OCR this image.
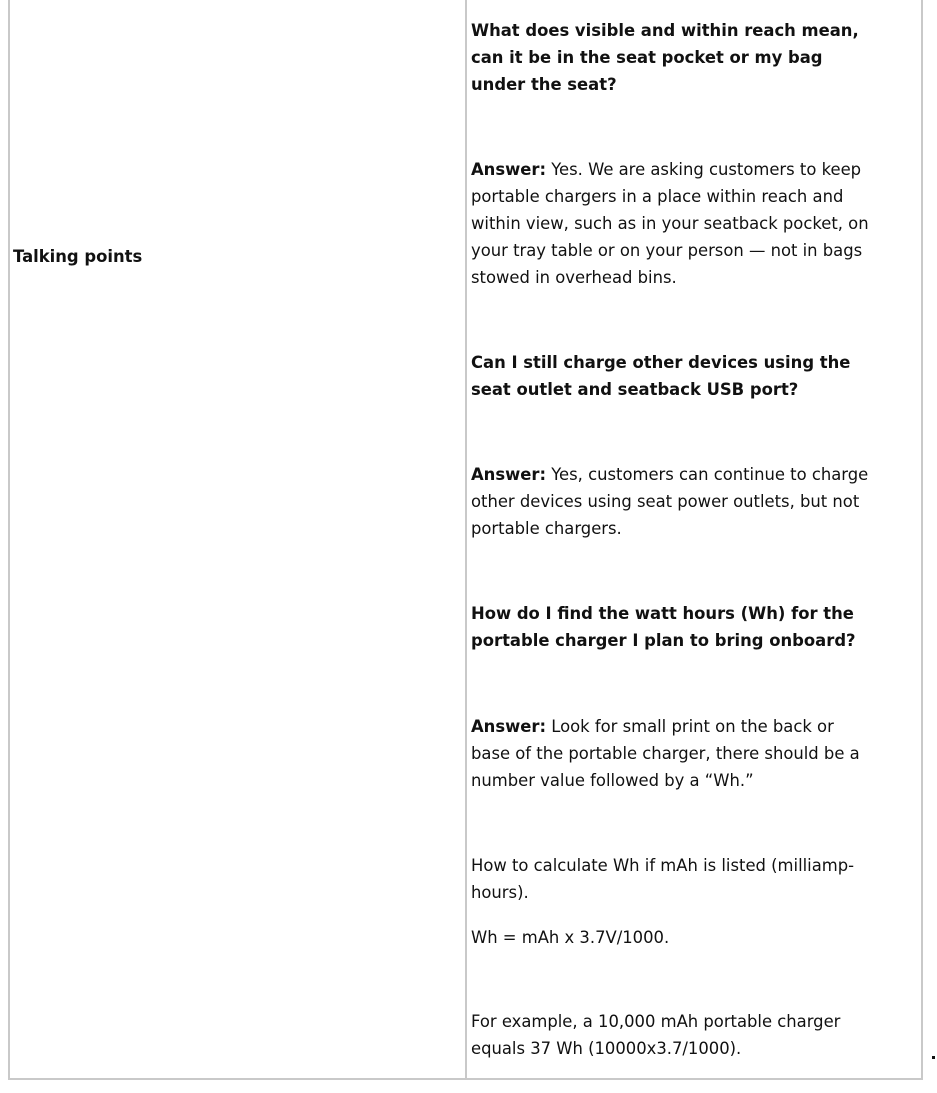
Talking points
What does visible and within reach mean,
can it be in the seat pocket or my bag
under the seat?
Answer: Yes. We are asking customers to keep
portable chargers in a place within reach and
within view, such as in your seatback pocket, on
your tray table or on your person — not in bags
stowed in overhead bins.
Can I still charge other devices using the
seat outlet and seatback USB port?
Answer: Yes, customers can continue to charge
other devices using seat power outlets, but not
portable chargers.
How do I find the watt hours (Wh) for the
portable charger I plan to bring onboard?
Answer: Look for small print on the back or
base of the portable charger, there should be a
number value followed by a “Wh.”
How to calculate Wh if mAh is listed (milliamp-
hours).
Wh = mAh x 3.7V/1000.
For example, a 10,000 mAh portable charger
equals 37 Wh (10000x3.7/1000).
